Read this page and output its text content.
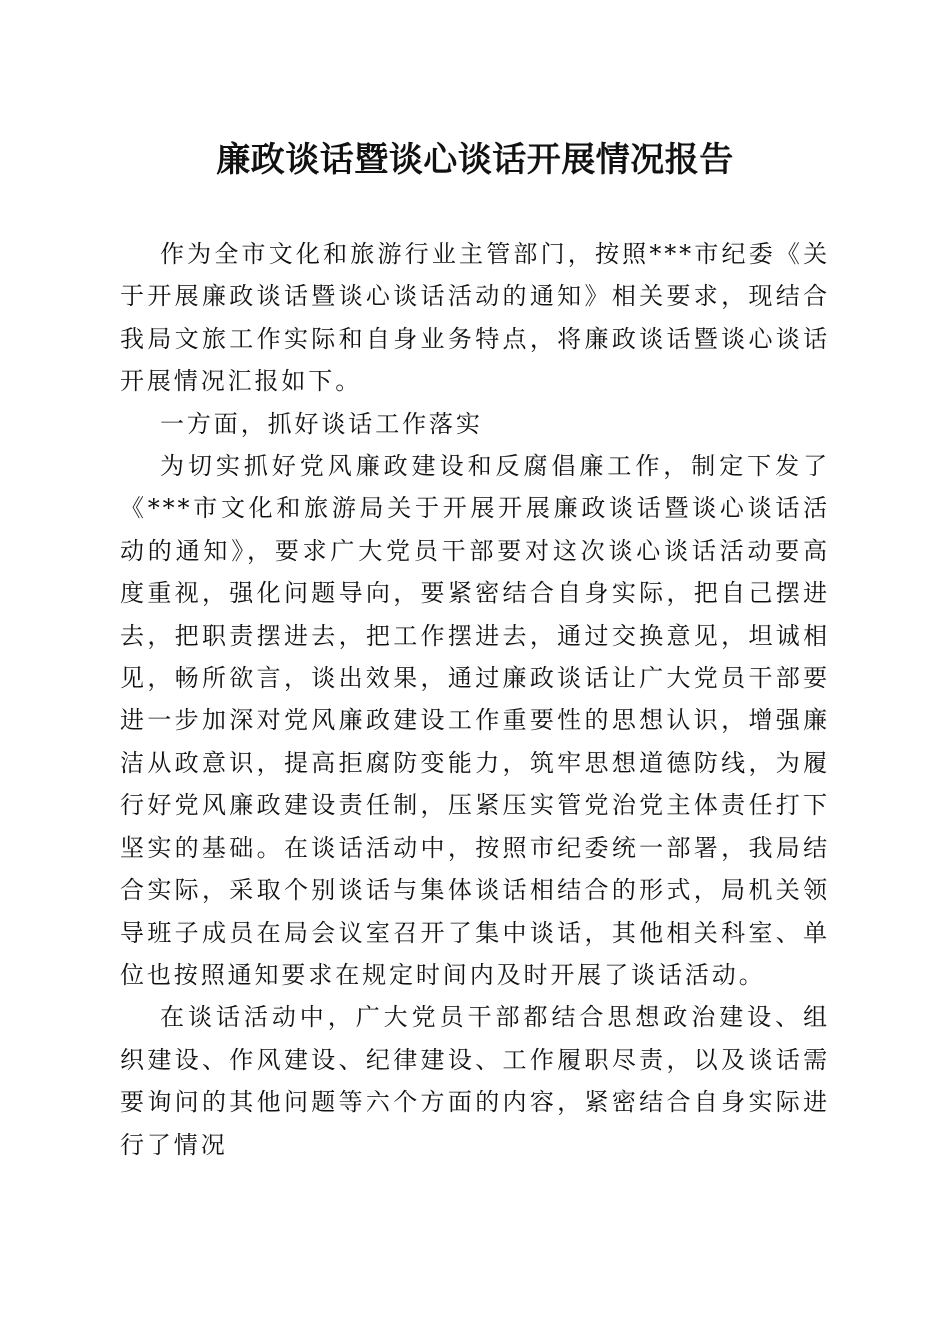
廉政谈话暨谈心谈话开展情况报告

作为全市文化和旅游行业主管部门，按照***市纪委《关于开展廉政谈话暨谈心谈话活动的通知》相关要求，现结合我局文旅工作实际和自身业务特点，将廉政谈话暨谈心谈话开展情况汇报如下。

一方面，抓好谈话工作落实

为切实抓好党风廉政建设和反腐倡廉工作，制定下发了《***市文化和旅游局关于开展开展廉政谈话暨谈心谈话活动的通知》，要求广大党员干部要对这次谈心谈话活动要高度重视，强化问题导向，要紧密结合自身实际，把自己摆进去，把职责摆进去，把工作摆进去，通过交换意见，坦诚相见，畅所欲言，谈出效果，通过廉政谈话让广大党员干部要进一步加深对党风廉政建设工作重要性的思想认识，增强廉洁从政意识，提高拒腐防变能力，筑牢思想道德防线，为履行好党风廉政建设责任制，压紧压实管党治党主体责任打下坚实的基础。在谈话活动中，按照市纪委统一部署，我局结合实际，采取个别谈话与集体谈话相结合的形式，局机关领导班子成员在局会议室召开了集中谈话，其他相关科室、单位也按照通知要求在规定时间内及时开展了谈话活动。

在谈话活动中，广大党员干部都结合思想政治建设、组织建设、作风建设、纪律建设、工作履职尽责，以及谈话需要询问的其他问题等六个方面的内容，紧密结合自身实际进行了情况
